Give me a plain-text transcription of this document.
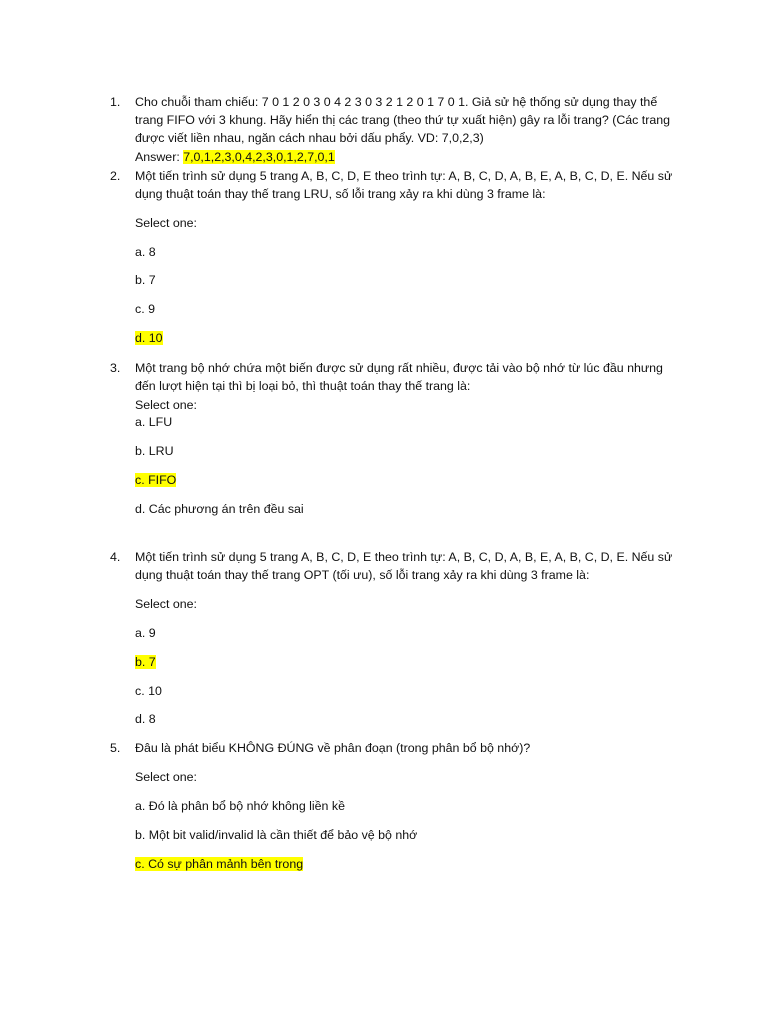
1. Cho chuỗi tham chiếu: 7 0 1 2 0 3 0 4 2 3 0 3 2 1 2 0 1 7 0 1. Giả sử hệ thống sử dụng thay thế
trang FIFO với 3 khung. Hãy hiển thị các trang (theo thứ tự xuất hiện) gây ra lỗi trang? (Các trang
được viết liền nhau, ngăn cách nhau bởi dấu phẩy. VD: 7,0,2,3)
Answer: 7,0,1,2,3,0,4,2,3,0,1,2,7,0,1
2. Một tiến trình sử dụng 5 trang A, B, C, D, E theo trình tự: A, B, C, D, A, B, E, A, B, C, D, E. Nếu sử
dụng thuật toán thay thế trang LRU, số lỗi trang xảy ra khi dùng 3 frame là:
Select one:
a. 8
b. 7
c. 9
d. 10
3. Một trang bộ nhớ chứa một biến được sử dụng rất nhiều, được tải vào bộ nhớ từ lúc đầu nhưng
đến lượt hiện tại thì bị loại bỏ, thì thuật toán thay thế trang là:
Select one:
a. LFU
b. LRU
c. FIFO
d. Các phương án trên đều sai
4. Một tiến trình sử dụng 5 trang A, B, C, D, E theo trình tự: A, B, C, D, A, B, E, A, B, C, D, E. Nếu sử
dụng thuật toán thay thế trang OPT (tối ưu), số lỗi trang xảy ra khi dùng 3 frame là:
Select one:
a. 9
b. 7
c. 10
d. 8
5. Đâu là phát biểu KHÔNG ĐÚNG về phân đoạn (trong phân bổ bộ nhớ)?
Select one:
a. Đó là phân bổ bộ nhớ không liền kề
b. Một bit valid/invalid là cần thiết để bảo vệ bộ nhớ
c. Có sự phân mảnh bên trong
